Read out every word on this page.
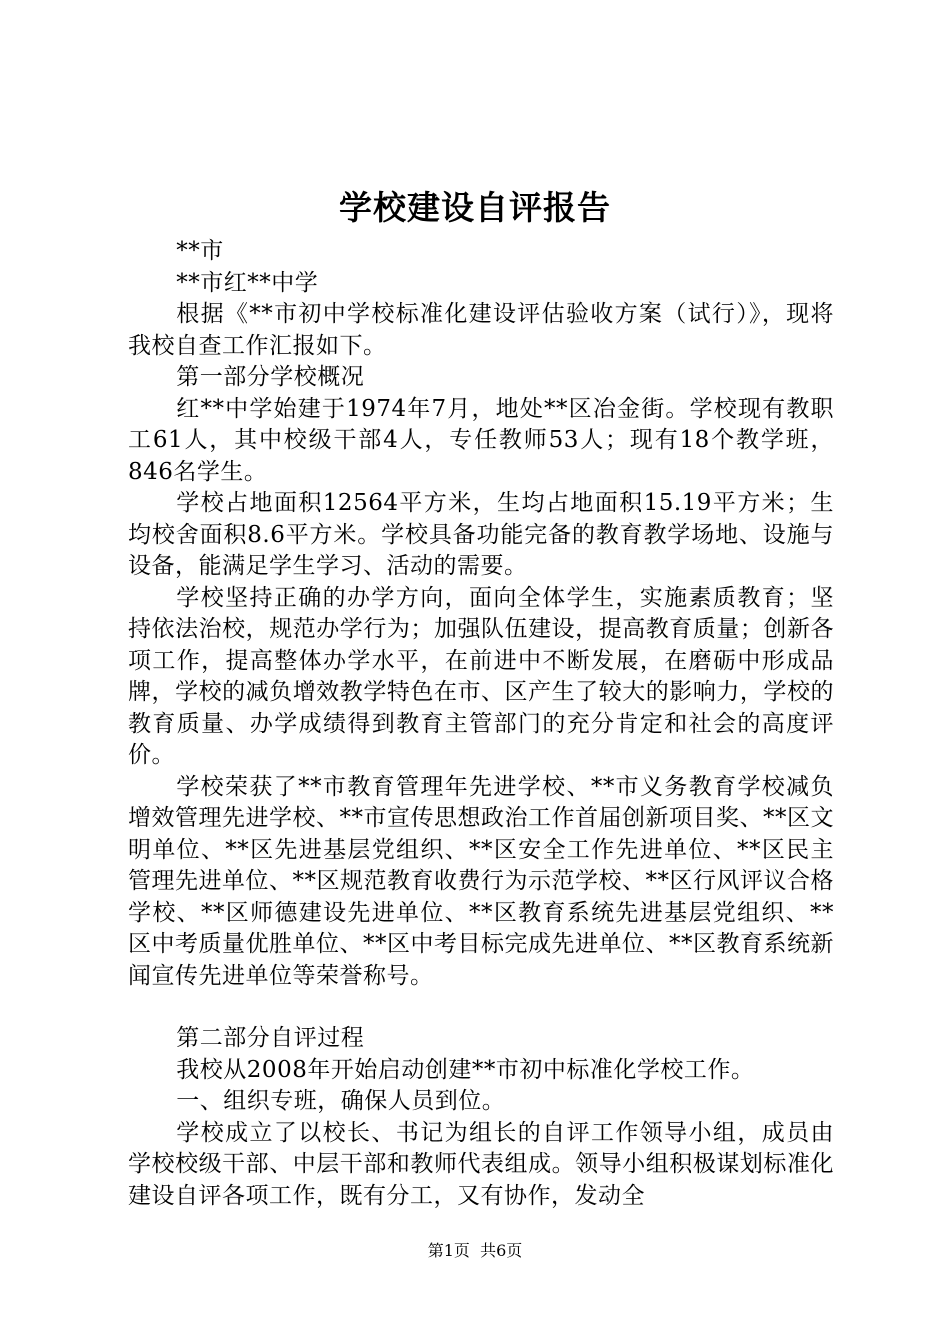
学校建设自评报告

**市

**市红**中学

根据《**市初中学校标准化建设评估验收方案（试行）》，现将我校自查工作汇报如下。

第一部分学校概况

红**中学始建于1974年7月，地处**区冶金街。学校现有教职工61人，其中校级干部4人，专任教师53人；现有18个教学班，846名学生。

学校占地面积12564平方米，生均占地面积15.19平方米；生均校舍面积8.6平方米。学校具备功能完备的教育教学场地、设施与设备，能满足学生学习、活动的需要。

学校坚持正确的办学方向，面向全体学生，实施素质教育；坚持依法治校，规范办学行为；加强队伍建设，提高教育质量；创新各项工作，提高整体办学水平，在前进中不断发展，在磨砺中形成品牌，学校的减负增效教学特色在市、区产生了较大的影响力，学校的教育质量、办学成绩得到教育主管部门的充分肯定和社会的高度评价。

学校荣获了**市教育管理年先进学校、**市义务教育学校减负增效管理先进学校、**市宣传思想政治工作首届创新项目奖、**区文明单位、**区先进基层党组织、**区安全工作先进单位、**区民主管理先进单位、**区规范教育收费行为示范学校、**区行风评议合格学校、**区师德建设先进单位、**区教育系统先进基层党组织、**区中考质量优胜单位、**区中考目标完成先进单位、**区教育系统新闻宣传先进单位等荣誉称号。

第二部分自评过程

我校从2008年开始启动创建**市初中标准化学校工作。

一、组织专班，确保人员到位。

学校成立了以校长、书记为组长的自评工作领导小组，成员由学校校级干部、中层干部和教师代表组成。领导小组积极谋划标准化建设自评各项工作，既有分工，又有协作，发动全

第1页 共6页
